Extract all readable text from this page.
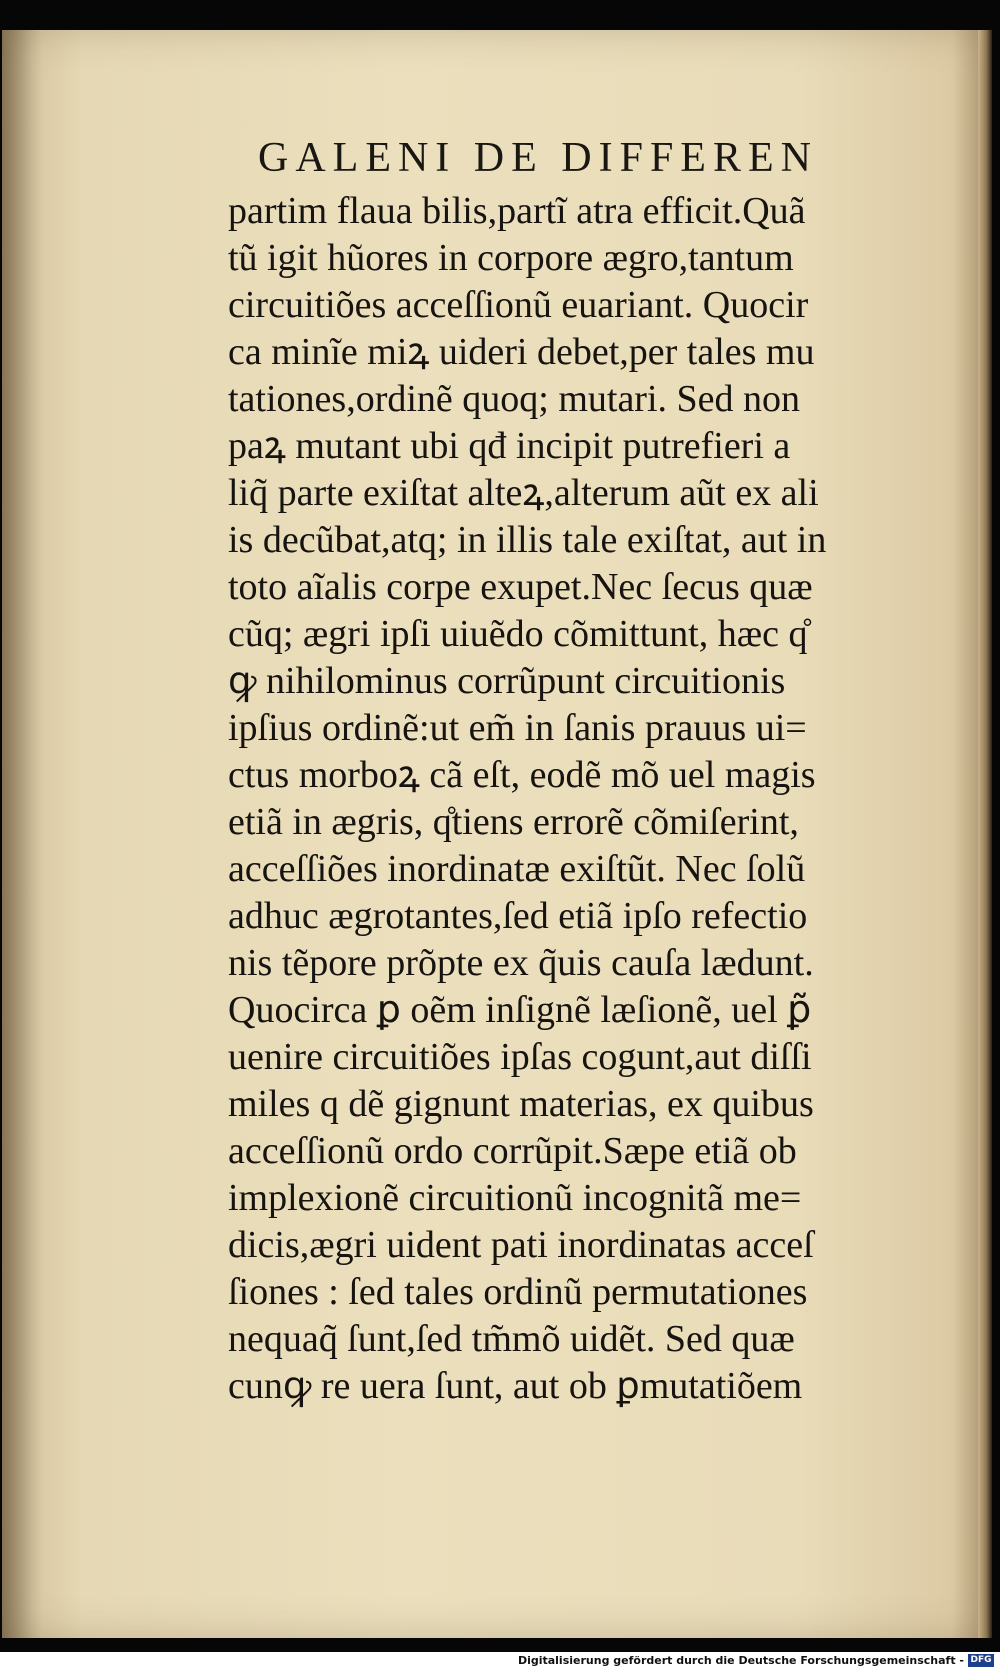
GALENI DE DIFFEREN
partim flaua bilis,partĩ atra efficit.Quã
tũ igit hũores in corpore ægro,tantum
circuitiões acceſſionũ euariant. Quocir
ca minĩe miꝝ uideri debet,per tales mu
tationes,ordinẽ quoq; mutari. Sed non
paꝝ mutant ubi qđ incipit putrefieri a
liq̃ parte exiſtat alteꝝ,alterum aũt ex ali
is decũbat,atq; in illis tale exiſtat, aut in
toto aĩalis corpe exupet.Nec ſecus quæ
cũq; ægri ipſi uiuẽdo cõmittunt, hæc q̊
ꝙ nihilominus corrũpunt circuitionis
ipſius ordinẽ:ut em̃ in ſanis prauus ui=
ctus morboꝝ cã eſt, eodẽ mõ uel magis
etiã in ægris, q̊tiens errorẽ cõmiſerint,
acceſſiões inordinatæ exiſtũt. Nec ſolũ
adhuc ægrotantes,ſed etiã ipſo refectio
nis tẽpore prõpte ex q̃uis cauſa lædunt.
Quocirca ꝑ oẽm inſignẽ læſionẽ, uel ꝑ̃
uenire circuitiões ipſas cogunt,aut diſſi
miles q dẽ gignunt materias, ex quibus
acceſſionũ ordo corrũpit.Sæpe etiã ob
implexionẽ circuitionũ incognitã me=
dicis,ægri uident pati inordinatas acceſ
ſiones : ſed tales ordinũ permutationes
nequaq̃ ſunt,ſed tm̃mõ uidẽt. Sed quæ
cunꝙ re uera ſunt, aut ob ꝑmutatiõem
Digitalisierung gefördert durch die Deutsche Forschungsgemeinschaft - DFG
